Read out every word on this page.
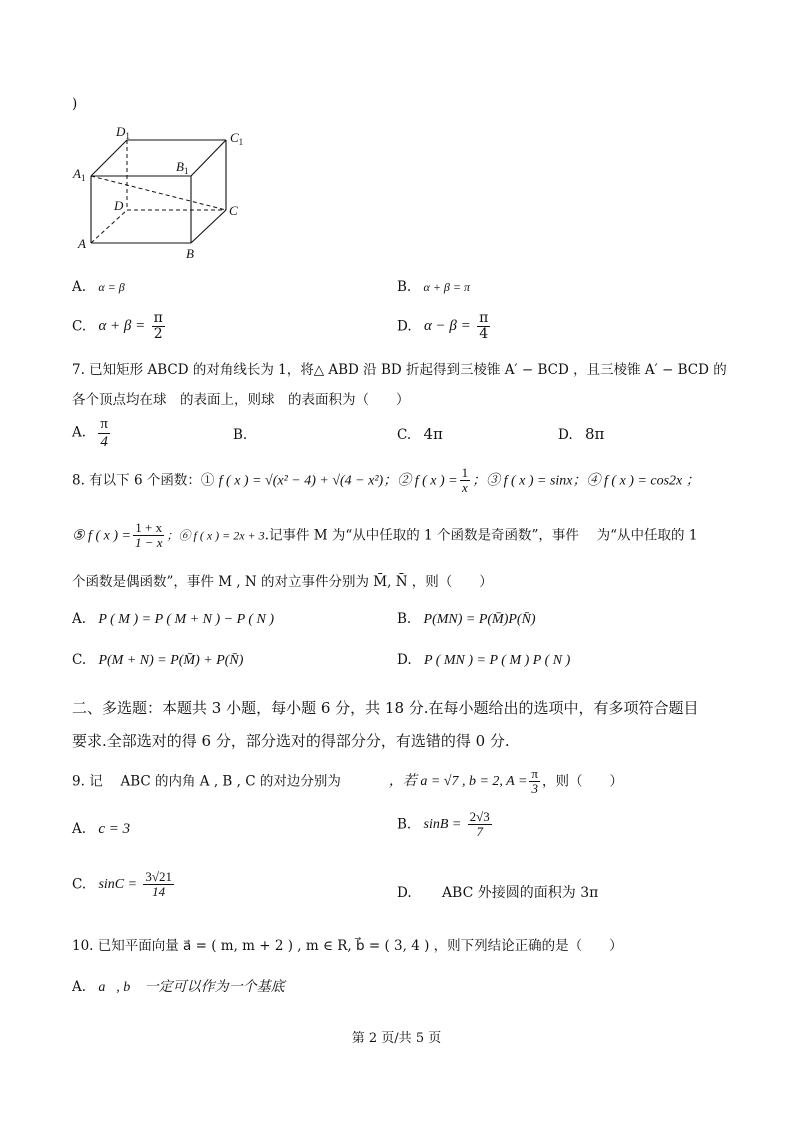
)
$D_1$	$C_1$
$A_1$
$B_1$
D	C
A
B
A. α = β	B. α + β = π
C. $\alpha + \beta = \frac{\pi}{2}$	D. $\alpha - \beta = \frac{\pi}{4}$
7. 已知矩形 ABCD 的对角线长为 1，将△ ABD 沿 BD 折起得到三棱锥 A′ − BCD ，且三棱锥 A′ − BCD 的
各个顶点均在球　的表面上，则球　的表面积为（　　）
A. $\frac{\pi}{4}$	B.	C. 4π	D. 8π
8. 有以下 6 个函数：① f ( x ) = √(x² − 4) + √(4 − x²)；② f ( x ) = $\frac{1}{x}$ ；③ f ( x ) = sinx；④ f ( x ) = cos2x ；
⑤ f ( x ) = $\frac{1 + x}{1 - x}$ ；⑥ f ( x ) = 2x + 3.记事件 M 为“从中任取的 1 个函数是奇函数”，事件　 为“从中任取的 1
个函数是偶函数”，事件 M , N 的对立事件分别为 M̄, N̄ ，则（　　）
A. P ( M ) = P ( M + N ) − P ( N )	B. P(MN) = P(M̄)P(N̄)
C. P(M + N) = P(M̄) + P(N̄)	D. P ( MN ) = P ( M ) P ( N )
二、多选题：本题共 3 小题，每小题 6 分，共 18 分.在每小题给出的选项中，有多项符合题目
要求.全部选对的得 6 分，部分选对的得部分分，有选错的得 0 分.
9. 记　 ABC 的内角 A , B , C 的对边分别为	，若 a = √7 , b = 2, $A = \frac{\pi}{3}$ ，则（　　）
A. c = 3	B. $\sin B = \frac{2√3}{7}$
C. $\sin C = \frac{3√21}{14}$	D. ABC 外接圆的面积为 3π
10. 已知平面向量 a⃗ = ( m, m + 2 ) , m ∈ R, b⃗ = ( 3, 4 ) ，则下列结论正确的是（　　）
A. a⃗, b⃗ 一定可以作为一个基底
第 2 页/共 5 页
